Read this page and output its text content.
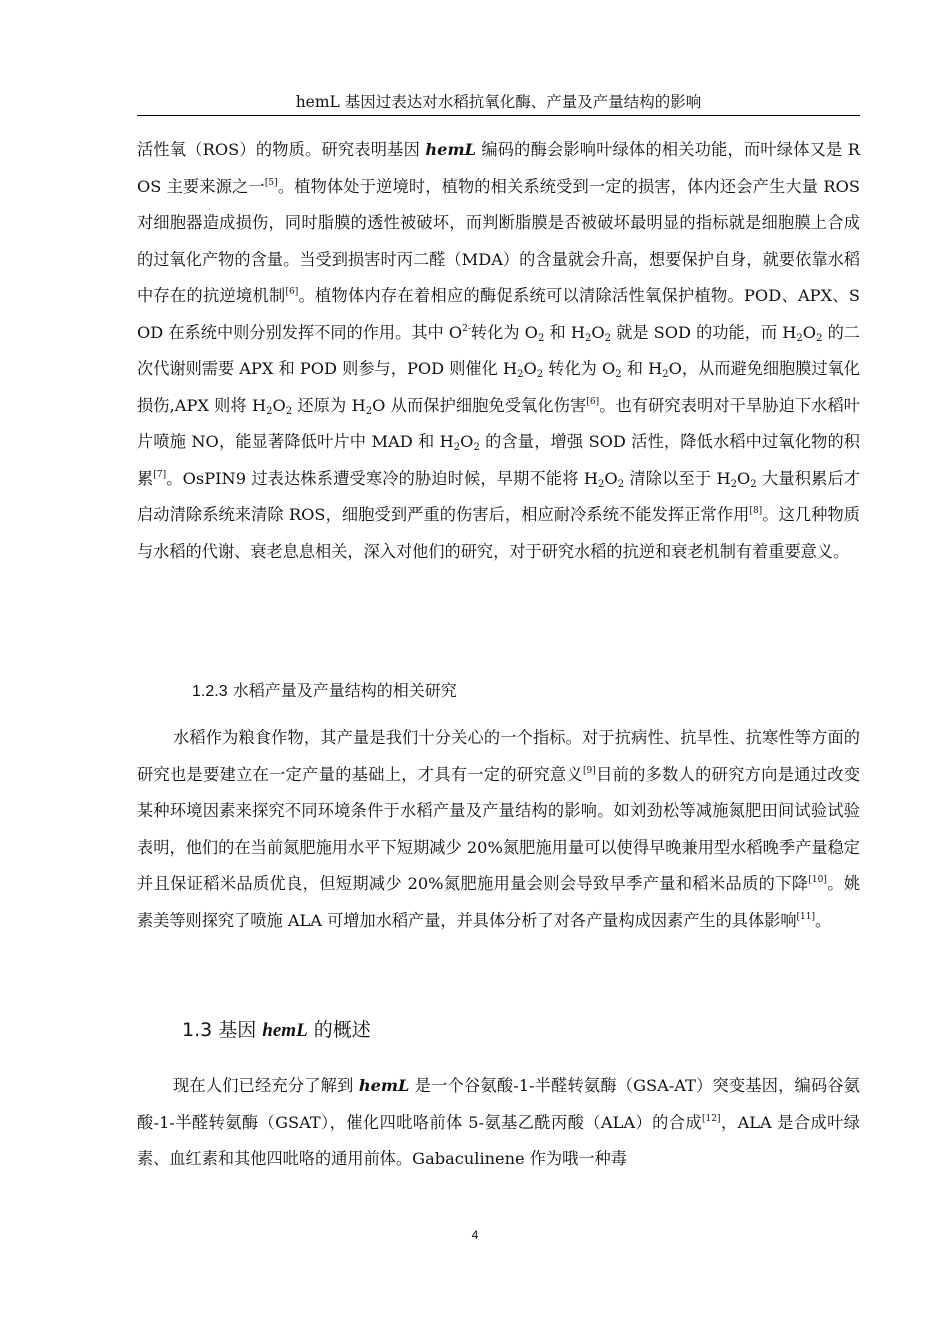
hemL 基因过表达对水稻抗氧化酶、产量及产量结构的影响

活性氧（ROS）的物质。研究表明基因 hemL 编码的酶会影响叶绿体的相关功能，而叶绿体又是 ROS 主要来源之一[5]。植物体处于逆境时，植物的相关系统受到一定的损害，体内还会产生大量 ROS 对细胞器造成损伤，同时脂膜的透性被破坏，而判断脂膜是否被破坏最明显的指标就是细胞膜上合成的过氧化产物的含量。当受到损害时丙二醛（MDA）的含量就会升高，想要保护自身，就要依靠水稻中存在的抗逆境机制[6]。植物体内存在着相应的酶促系统可以清除活性氧保护植物。POD、APX、SOD 在系统中则分别发挥不同的作用。其中 $O^{2-}$转化为 $O_2$ 和 $H_2O_2$ 就是 SOD 的功能，而 $H_2O_2$ 的二次代谢则需要 APX 和 POD 则参与，POD 则催化 $H_2O_2$ 转化为 $O_2$ 和 $H_2O$，从而避免细胞膜过氧化损伤,APX 则将 $H_2O_2$ 还原为 $H_2O$ 从而保护细胞免受氧化伤害[6]。也有研究表明对干旱胁迫下水稻叶片喷施 NO，能显著降低叶片中 MAD 和 $H_2O_2$ 的含量，增强 SOD 活性，降低水稻中过氧化物的积累[7]。OsPIN9 过表达株系遭受寒冷的胁迫时候，早期不能将 $H_2O_2$ 清除以至于 $H_2O_2$ 大量积累后才启动清除系统来清除 ROS，细胞受到严重的伤害后，相应耐冷系统不能发挥正常作用[8]。这几种物质与水稻的代谢、衰老息息相关，深入对他们的研究，对于研究水稻的抗逆和衰老机制有着重要意义。

1.2.3 水稻产量及产量结构的相关研究

水稻作为粮食作物，其产量是我们十分关心的一个指标。对于抗病性、抗旱性、抗寒性等方面的研究也是要建立在一定产量的基础上，才具有一定的研究意义[9]目前的多数人的研究方向是通过改变某种环境因素来探究不同环境条件于水稻产量及产量结构的影响。如刘劲松等减施氮肥田间试验试验表明，他们的在当前氮肥施用水平下短期减少 20%氮肥施用量可以使得早晚兼用型水稻晚季产量稳定并且保证稻米品质优良，但短期减少 20%氮肥施用量会则会导致早季产量和稻米品质的下降[10]。姚素美等则探究了喷施 ALA 可增加水稻产量，并具体分析了对各产量构成因素产生的具体影响[11]。

1.3 基因 hemL 的概述

现在人们已经充分了解到 hemL 是一个谷氨酸-1-半醛转氨酶（GSA-AT）突变基因，编码谷氨酸-1-半醛转氨酶（GSAT），催化四吡咯前体 5-氨基乙酰丙酸（ALA）的合成[12]，ALA 是合成叶绿素、血红素和其他四吡咯的通用前体。Gabaculinene 作为哦一种毒

4
